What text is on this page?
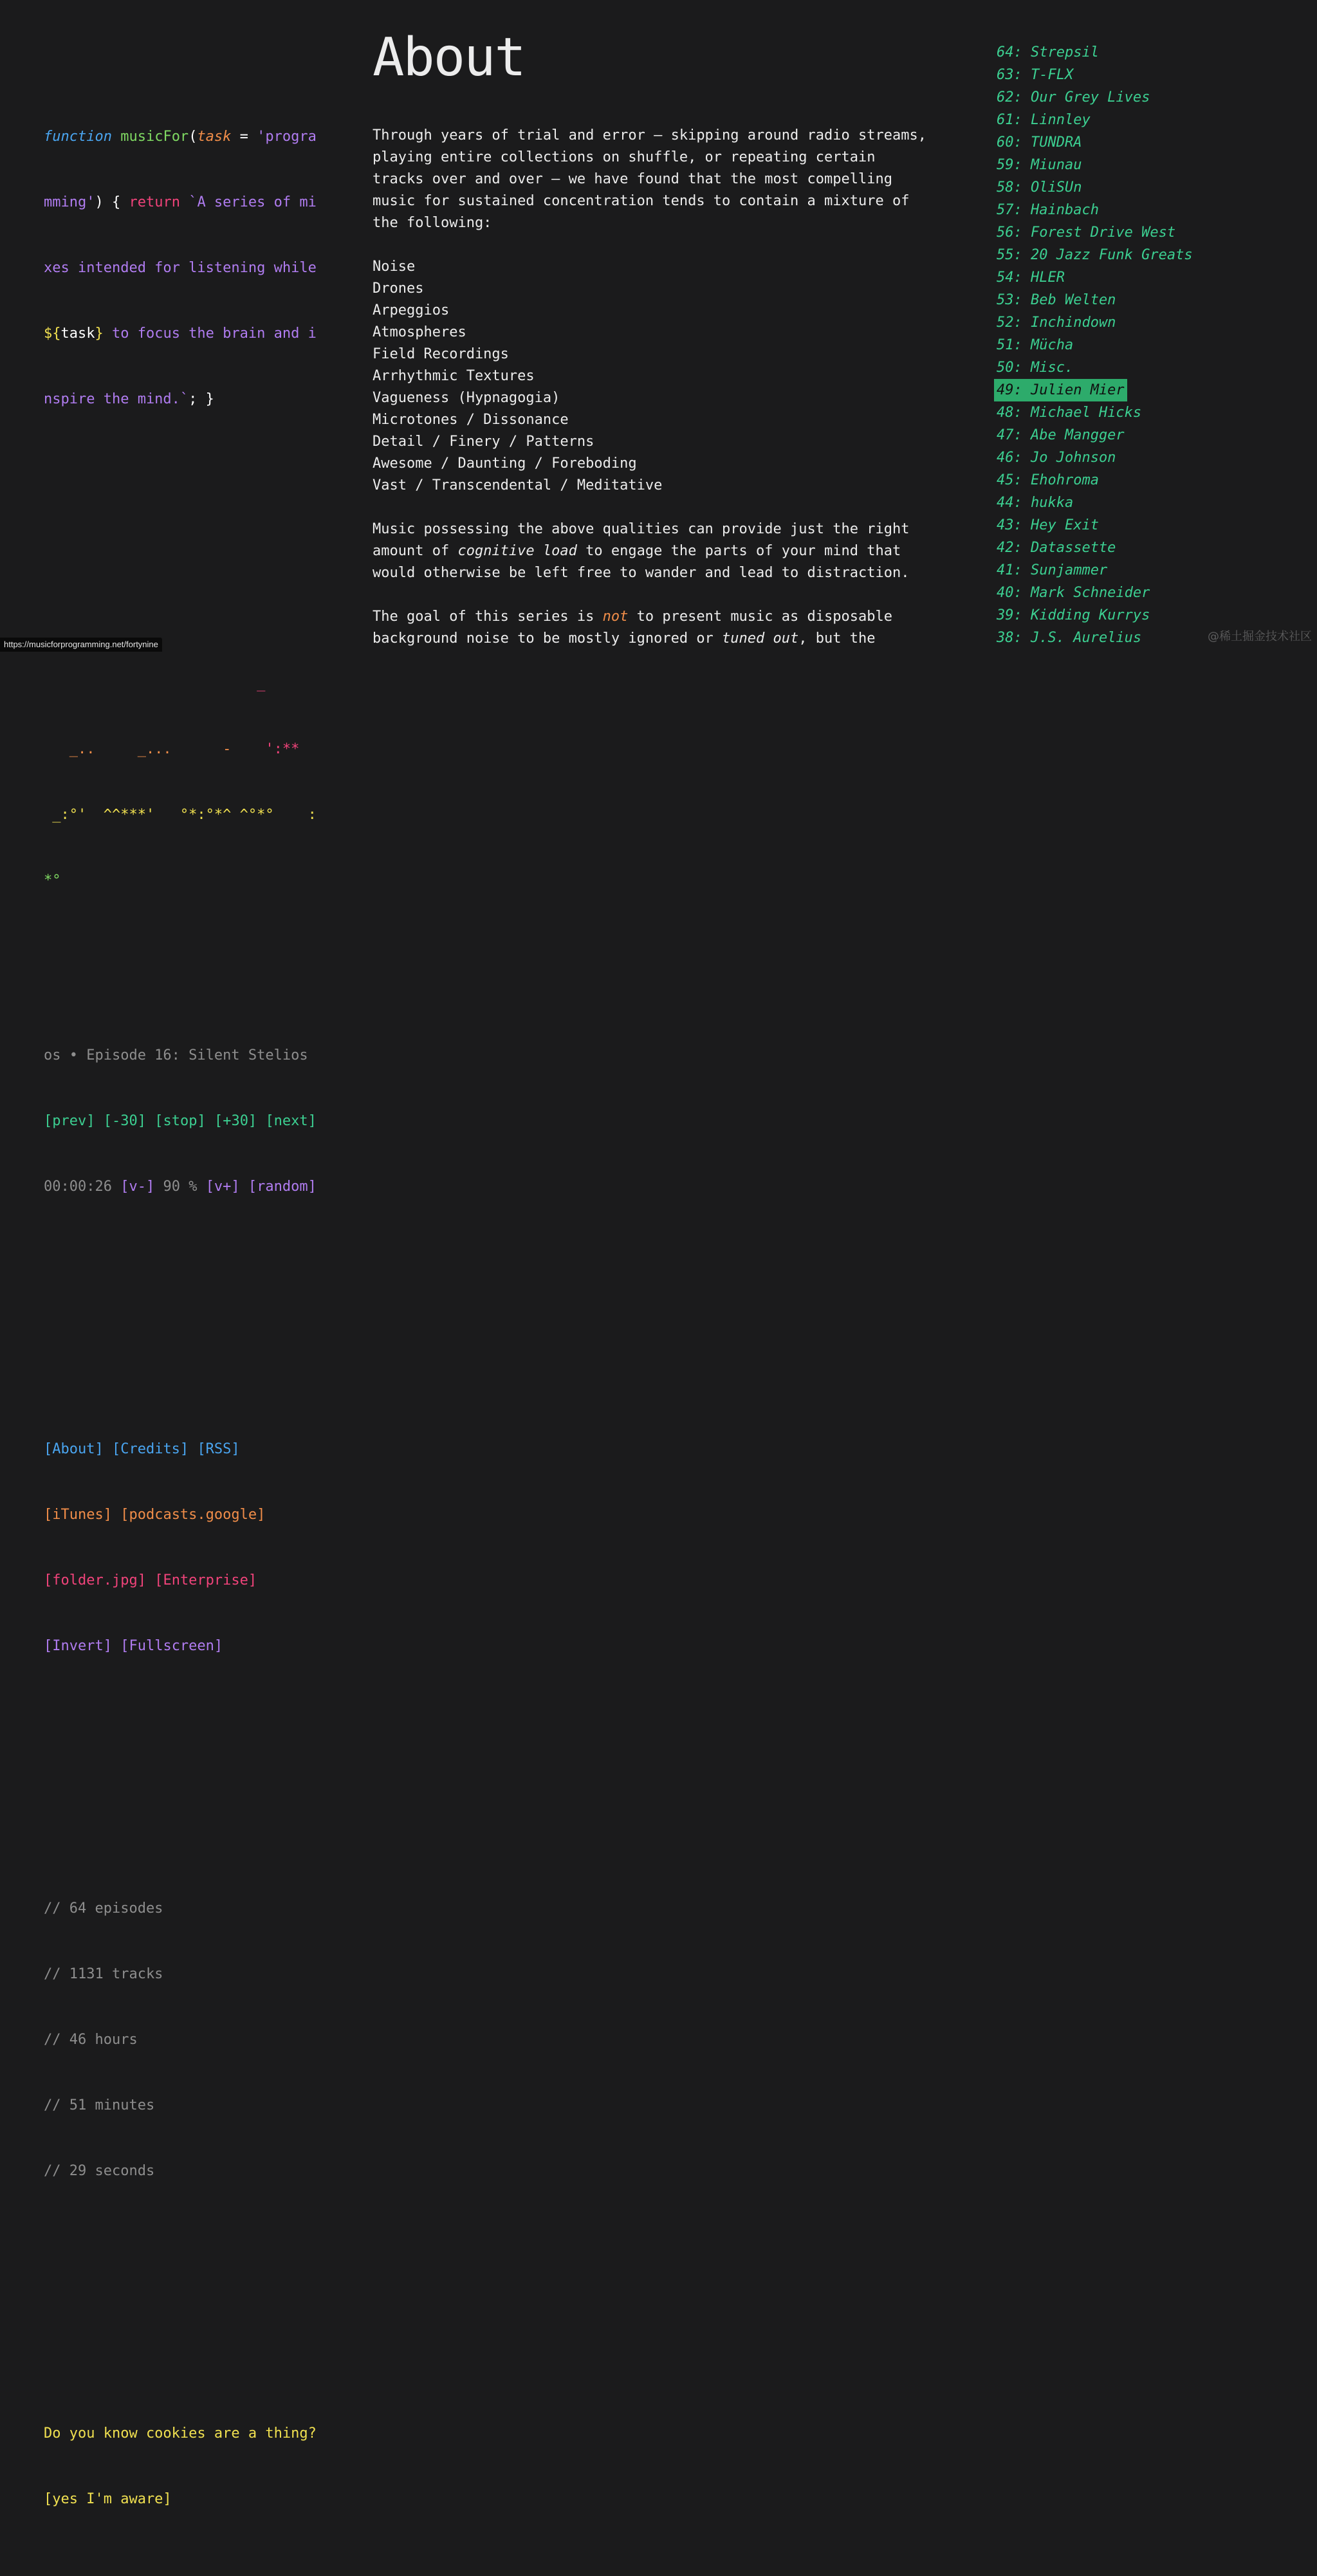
function musicFor(task = 'progra

mming') { return `A series of mi

xes intended for listening while

${task} to focus the brain and i

nspire the mind.`; }

_

_..     _...      -    ':**

_:°'  ^^***'   °*:°*^ ^°*°    :

*°

os • Episode 16: Silent Stelios

[prev] [-30] [stop] [+30] [next]

00:00:26 [v-] 90 % [v+] [random]

[About] [Credits] [RSS]

[iTunes] [podcasts.google]

[folder.jpg] [Enterprise]

[Invert] [Fullscreen]

// 64 episodes

// 1131 tracks

// 46 hours

// 51 minutes

// 29 seconds

Do you know cookies are a thing?

[yes I'm aware]

About

Through years of trial and error — skipping around radio streams,
playing entire collections on shuffle, or repeating certain
tracks over and over — we have found that the most compelling
music for sustained concentration tends to contain a mixture of
the following:

Noise
Drones
Arpeggios
Atmospheres
Field Recordings
Arrhythmic Textures
Vagueness (Hypnagogia)
Microtones / Dissonance
Detail / Finery / Patterns
Awesome / Daunting / Foreboding
Vast / Transcendental / Meditative

Music possessing the above qualities can provide just the right
amount of cognitive load to engage the parts of your mind that
would otherwise be left free to wander and lead to distraction.

The goal of this series is not to present music as disposable
background noise to be mostly ignored or tuned out, but the

64: Strepsil
63: T-FLX
62: Our Grey Lives
61: Linnley
60: TUNDRA
59: Miunau
58: OliSUn
57: Hainbach
56: Forest Drive West
55: 20 Jazz Funk Greats
54: HLER
53: Beb Welten
52: Inchindown
51: Mücha
50: Misc.
49: Julien Mier
48: Michael Hicks
47: Abe Mangger
46: Jo Johnson
45: Ehohroma
44: hukka
43: Hey Exit
42: Datassette
41: Sunjammer
40: Mark Schneider
39: Kidding Kurrys
38: J.S. Aurelius
https://musicforprogramming.net/fortynine
@稀土掘金技术社区
